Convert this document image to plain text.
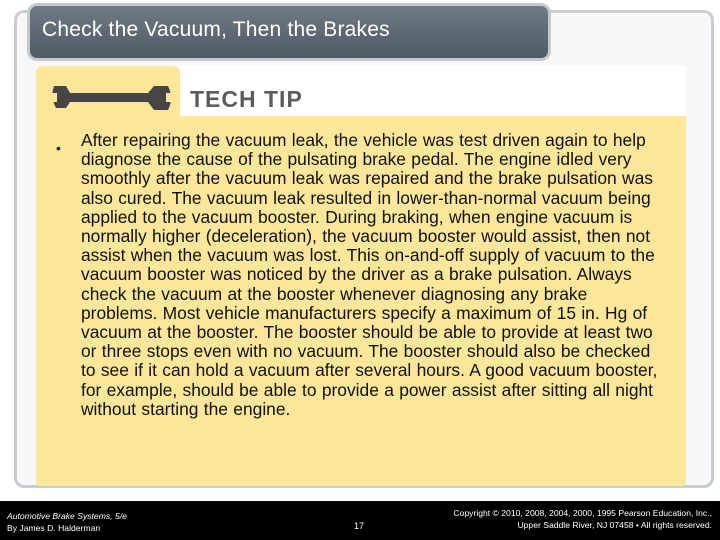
Check the Vacuum, Then the Brakes
TECH TIP
• After repairing the vacuum leak, the vehicle was test driven again to help diagnose the cause of the pulsating brake pedal. The engine idled very smoothly after the vacuum leak was repaired and the brake pulsation was also cured. The vacuum leak resulted in lower-than-normal vacuum being applied to the vacuum booster. During braking, when engine vacuum is normally higher (deceleration), the vacuum booster would assist, then not assist when the vacuum was lost. This on-and-off supply of vacuum to the vacuum booster was noticed by the driver as a brake pulsation. Always check the vacuum at the booster whenever diagnosing any brake problems. Most vehicle manufacturers specify a maximum of 15 in. Hg of vacuum at the booster. The booster should be able to provide at least two or three stops even with no vacuum. The booster should also be checked to see if it can hold a vacuum after several hours. A good vacuum booster, for example, should be able to provide a power assist after sitting all night without starting the engine.
Automotive Brake Systems, 5/e
By James D. Halderman	17
Copyright © 2010, 2008, 2004, 2000, 1995 Pearson Education, Inc.,
Upper Saddle River, NJ 07458 • All rights reserved.
